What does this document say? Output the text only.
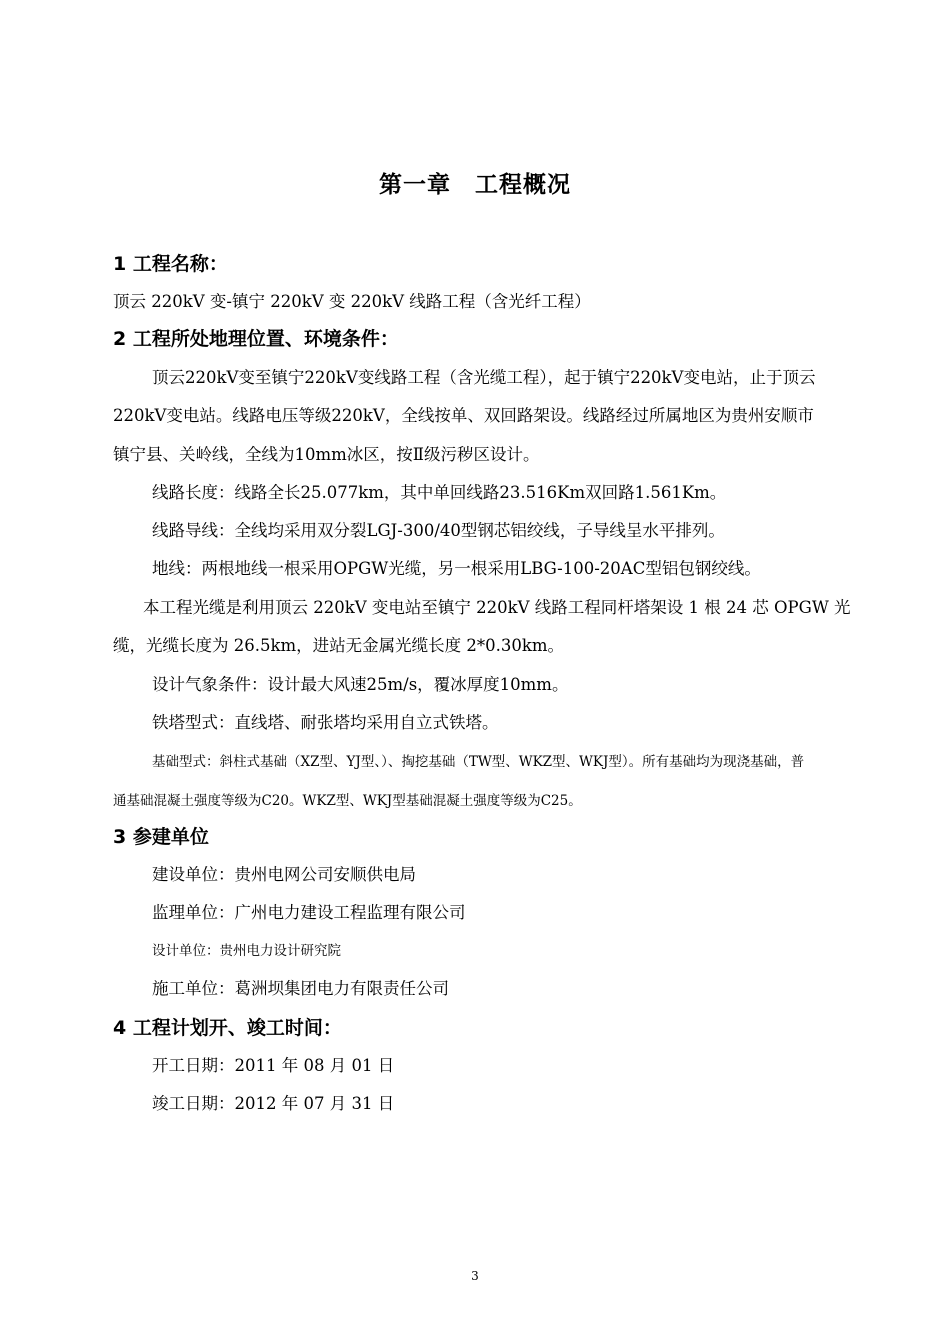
第一章　工程概况
1 工程名称：
顶云 220kV 变-镇宁 220kV 变 220kV 线路工程（含光纤工程）
2 工程所处地理位置、环境条件：
顶云220kV变至镇宁220kV变线路工程（含光缆工程），起于镇宁220kV变电站，止于顶云
220kV变电站。线路电压等级220kV，全线按单、双回路架设。线路经过所属地区为贵州安顺市
镇宁县、关岭线，全线为10mm冰区，按Ⅱ级污秽区设计。
线路长度：线路全长25.077km，其中单回线路23.516Km双回路1.561Km。
线路导线：全线均采用双分裂LGJ-300/40型钢芯铝绞线，子导线呈水平排列。
地线：两根地线一根采用OPGW光缆，另一根采用LBG-100-20AC型铝包钢绞线。
本工程光缆是利用顶云 220kV 变电站至镇宁 220kV 线路工程同杆塔架设 1 根 24 芯 OPGW 光
缆，光缆长度为 26.5km，进站无金属光缆长度 2*0.30km。
设计气象条件：设计最大风速25m/s，覆冰厚度10mm。
铁塔型式：直线塔、耐张塔均采用自立式铁塔。
基础型式：斜柱式基础（XZ型、YJ型、）、掏挖基础（TW型、WKZ型、WKJ型）。所有基础均为现浇基础，普
通基础混凝土强度等级为C20。WKZ型、WKJ型基础混凝土强度等级为C25。
3 参建单位
建设单位：贵州电网公司安顺供电局
监理单位：广州电力建设工程监理有限公司
设计单位：贵州电力设计研究院
施工单位：葛洲坝集团电力有限责任公司
4 工程计划开、竣工时间：
开工日期：2011 年 08 月 01 日
竣工日期：2012 年 07 月 31 日
3
